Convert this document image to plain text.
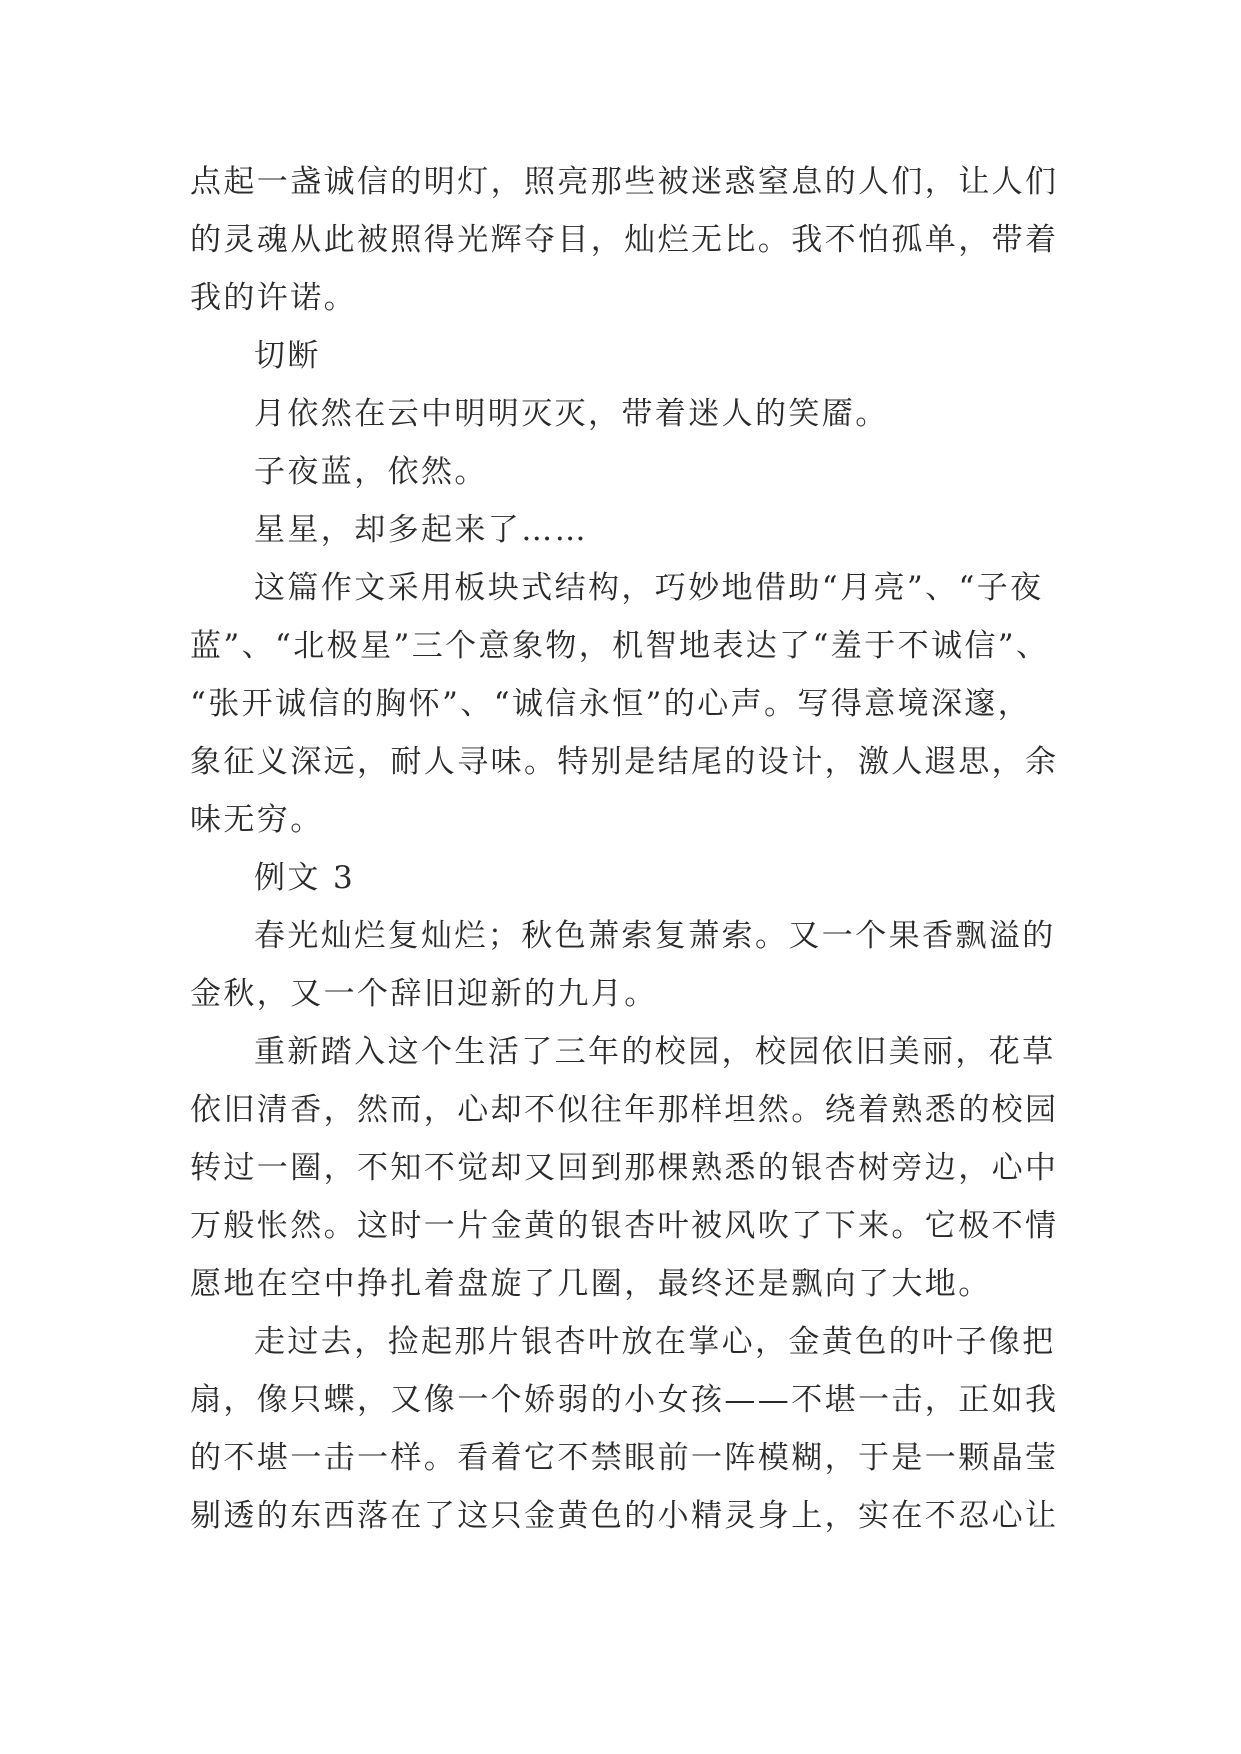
点起一盏诚信的明灯，照亮那些被迷惑窒息的人们，让人们
的灵魂从此被照得光辉夺目，灿烂无比。我不怕孤单，带着
我的许诺。
切断
月依然在云中明明灭灭，带着迷人的笑靥。
子夜蓝，依然。
星星，却多起来了……
这篇作文采用板块式结构，巧妙地借助“月亮”、“子夜
蓝”、“北极星”三个意象物，机智地表达了“羞于不诚信”、
“张开诚信的胸怀”、“诚信永恒”的心声。写得意境深邃，
象征义深远，耐人寻味。特别是结尾的设计，激人遐思，余
味无穷。
例文 3
春光灿烂复灿烂；秋色萧索复萧索。又一个果香飘溢的
金秋，又一个辞旧迎新的九月。
重新踏入这个生活了三年的校园，校园依旧美丽，花草
依旧清香，然而，心却不似往年那样坦然。绕着熟悉的校园
转过一圈，不知不觉却又回到那棵熟悉的银杏树旁边，心中
万般怅然。这时一片金黄的银杏叶被风吹了下来。它极不情
愿地在空中挣扎着盘旋了几圈，最终还是飘向了大地。
走过去，捡起那片银杏叶放在掌心，金黄色的叶子像把
扇，像只蝶，又像一个娇弱的小女孩——不堪一击，正如我
的不堪一击一样。看着它不禁眼前一阵模糊，于是一颗晶莹
剔透的东西落在了这只金黄色的小精灵身上，实在不忍心让
